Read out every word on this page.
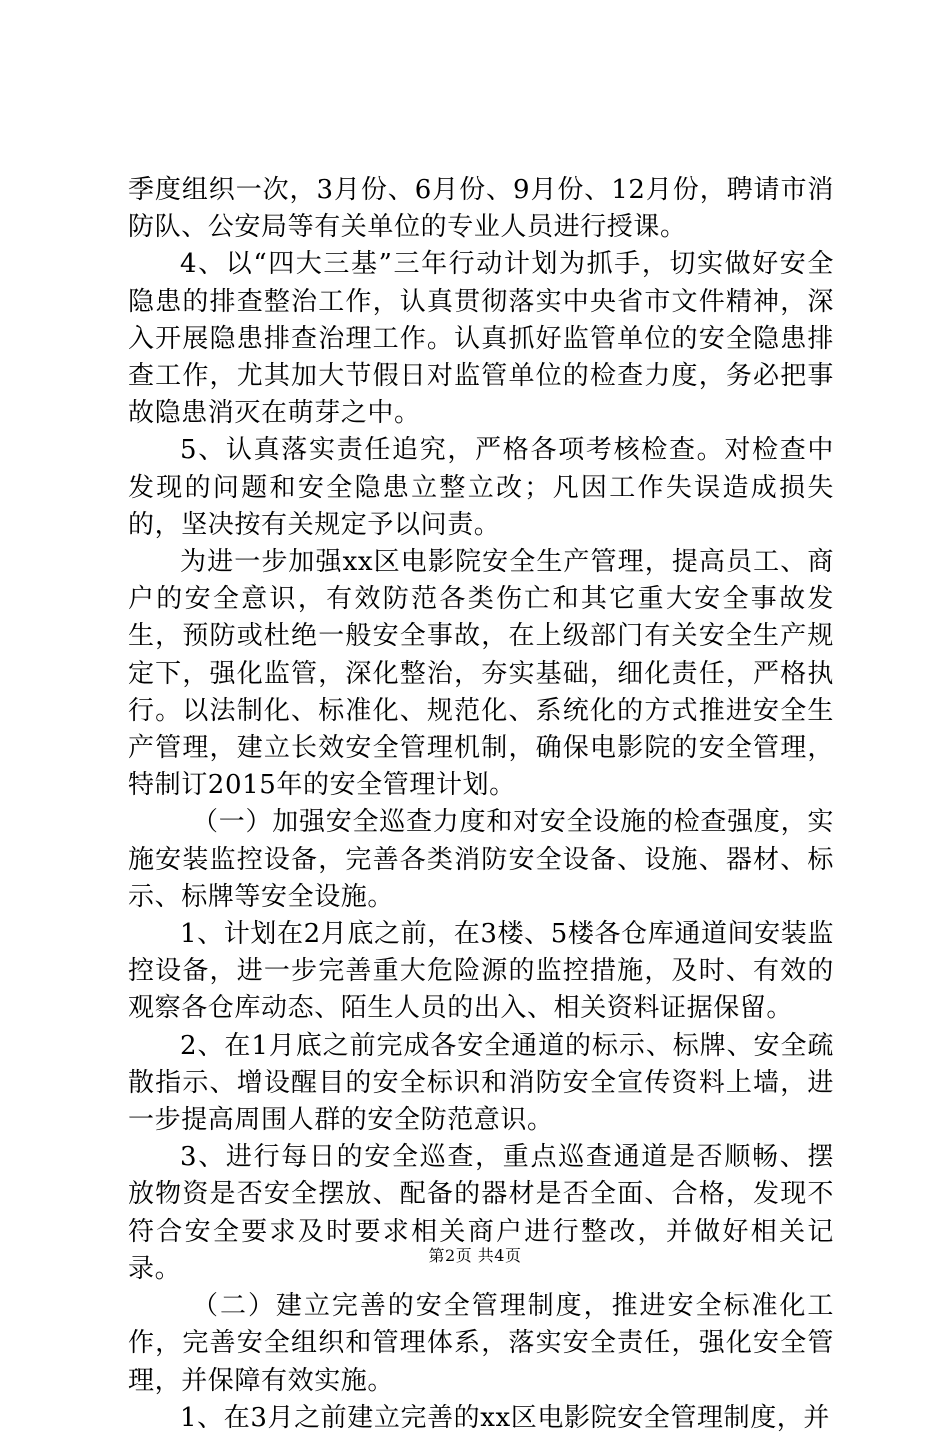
季度组织一次，3月份、6月份、9月份、12月份，聘请市消防队、公安局等有关单位的专业人员进行授课。

4、以“四大三基”三年行动计划为抓手，切实做好安全隐患的排查整治工作，认真贯彻落实中央省市文件精神，深入开展隐患排查治理工作。认真抓好监管单位的安全隐患排查工作，尤其加大节假日对监管单位的检查力度，务必把事故隐患消灭在萌芽之中。

5、认真落实责任追究，严格各项考核检查。对检查中发现的问题和安全隐患立整立改；凡因工作失误造成损失的，坚决按有关规定予以问责。

为进一步加强xx区电影院安全生产管理，提高员工、商户的安全意识，有效防范各类伤亡和其它重大安全事故发生，预防或杜绝一般安全事故，在上级部门有关安全生产规定下，强化监管，深化整治，夯实基础，细化责任，严格执行。以法制化、标准化、规范化、系统化的方式推进安全生产管理，建立长效安全管理机制，确保电影院的安全管理，特制订2015年的安全管理计划。

（一）加强安全巡查力度和对安全设施的检查强度，实施安装监控设备，完善各类消防安全设备、设施、器材、标示、标牌等安全设施。

1、计划在2月底之前，在3楼、5楼各仓库通道间安装监控设备，进一步完善重大危险源的监控措施，及时、有效的观察各仓库动态、陌生人员的出入、相关资料证据保留。

2、在1月底之前完成各安全通道的标示、标牌、安全疏散指示、增设醒目的安全标识和消防安全宣传资料上墙，进一步提高周围人群的安全防范意识。

3、进行每日的安全巡查，重点巡查通道是否顺畅、摆放物资是否安全摆放、配备的器材是否全面、合格，发现不符合安全要求及时要求相关商户进行整改，并做好相关记录。

（二）建立完善的安全管理制度，推进安全标准化工作，完善安全组织和管理体系，落实安全责任，强化安全管理，并保障有效实施。

1、在3月之前建立完善的xx区电影院安全管理制度，并

第2页 共4页
